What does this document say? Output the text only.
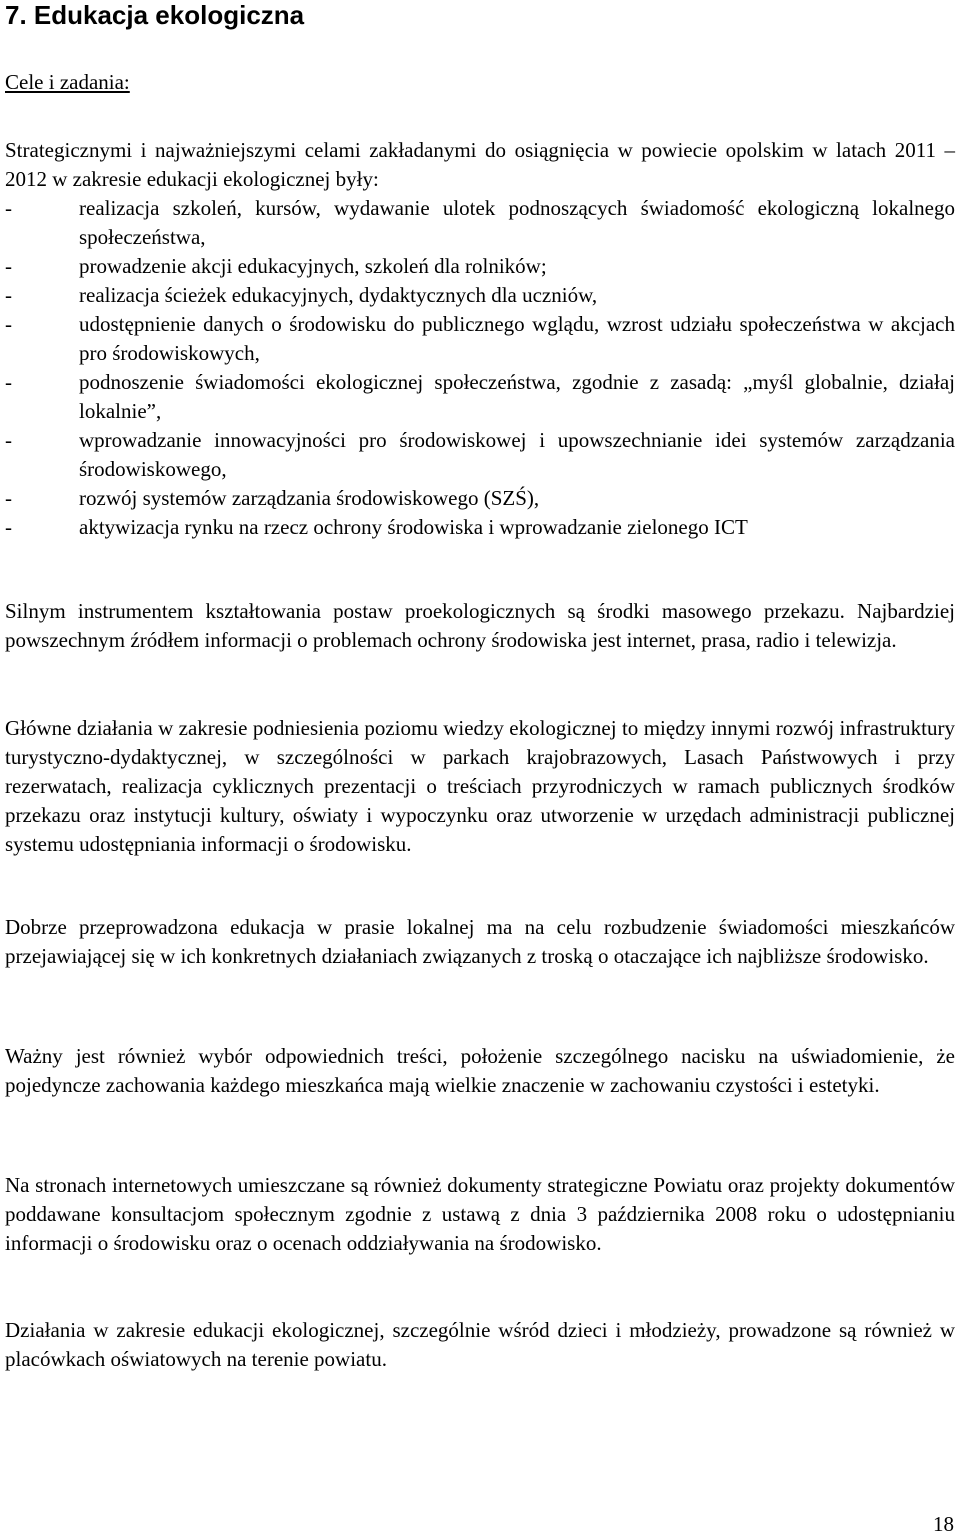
7. Edukacja ekologiczna
Cele i zadania:

Strategicznymi i najważniejszymi celami zakładanymi do osiągnięcia w powiecie opolskim w latach 2011 – 2012 w zakresie edukacji ekologicznej były:

-	realizacja szkoleń, kursów, wydawanie ulotek podnoszących świadomość ekologiczną lokalnego społeczeństwa,
-	prowadzenie akcji edukacyjnych, szkoleń dla rolników;
-	realizacja ścieżek edukacyjnych, dydaktycznych dla uczniów,
-	udostępnienie danych o środowisku do publicznego wglądu, wzrost udziału społeczeństwa w akcjach pro środowiskowych,
-	podnoszenie świadomości ekologicznej społeczeństwa, zgodnie z zasadą: „myśl globalnie, działaj lokalnie”,
-	wprowadzanie innowacyjności pro środowiskowej i upowszechnianie idei systemów zarządzania środowiskowego,
-	rozwój systemów zarządzania środowiskowego (SZŚ),
-	aktywizacja rynku na rzecz ochrony środowiska i wprowadzanie zielonego ICT

Silnym instrumentem kształtowania postaw proekologicznych są środki masowego przekazu. Najbardziej powszechnym źródłem informacji o problemach ochrony środowiska jest internet, prasa, radio i telewizja.

Główne działania w zakresie podniesienia poziomu wiedzy ekologicznej to między innymi rozwój infrastruktury turystyczno-dydaktycznej, w szczególności w parkach krajobrazowych, Lasach Państwowych i przy rezerwatach, realizacja cyklicznych prezentacji o treściach przyrodniczych w ramach publicznych środków przekazu oraz instytucji kultury, oświaty i wypoczynku oraz utworzenie w urzędach administracji publicznej systemu udostępniania informacji o środowisku.

Dobrze przeprowadzona edukacja w prasie lokalnej ma na celu rozbudzenie świadomości mieszkańców przejawiającej się w ich konkretnych działaniach związanych z troską o otaczające ich najbliższe środowisko.

Ważny jest również wybór odpowiednich treści, położenie szczególnego nacisku na uświadomienie, że pojedyncze zachowania każdego mieszkańca mają wielkie znaczenie w zachowaniu czystości i estetyki.

Na stronach internetowych umieszczane są również dokumenty strategiczne Powiatu oraz projekty dokumentów poddawane konsultacjom społecznym zgodnie z ustawą z dnia 3 października 2008 roku o udostępnianiu informacji o środowisku oraz o ocenach oddziaływania na środowisko.

Działania w zakresie edukacji ekologicznej, szczególnie wśród dzieci i młodzieży, prowadzone są również w placówkach oświatowych na terenie powiatu.

18
